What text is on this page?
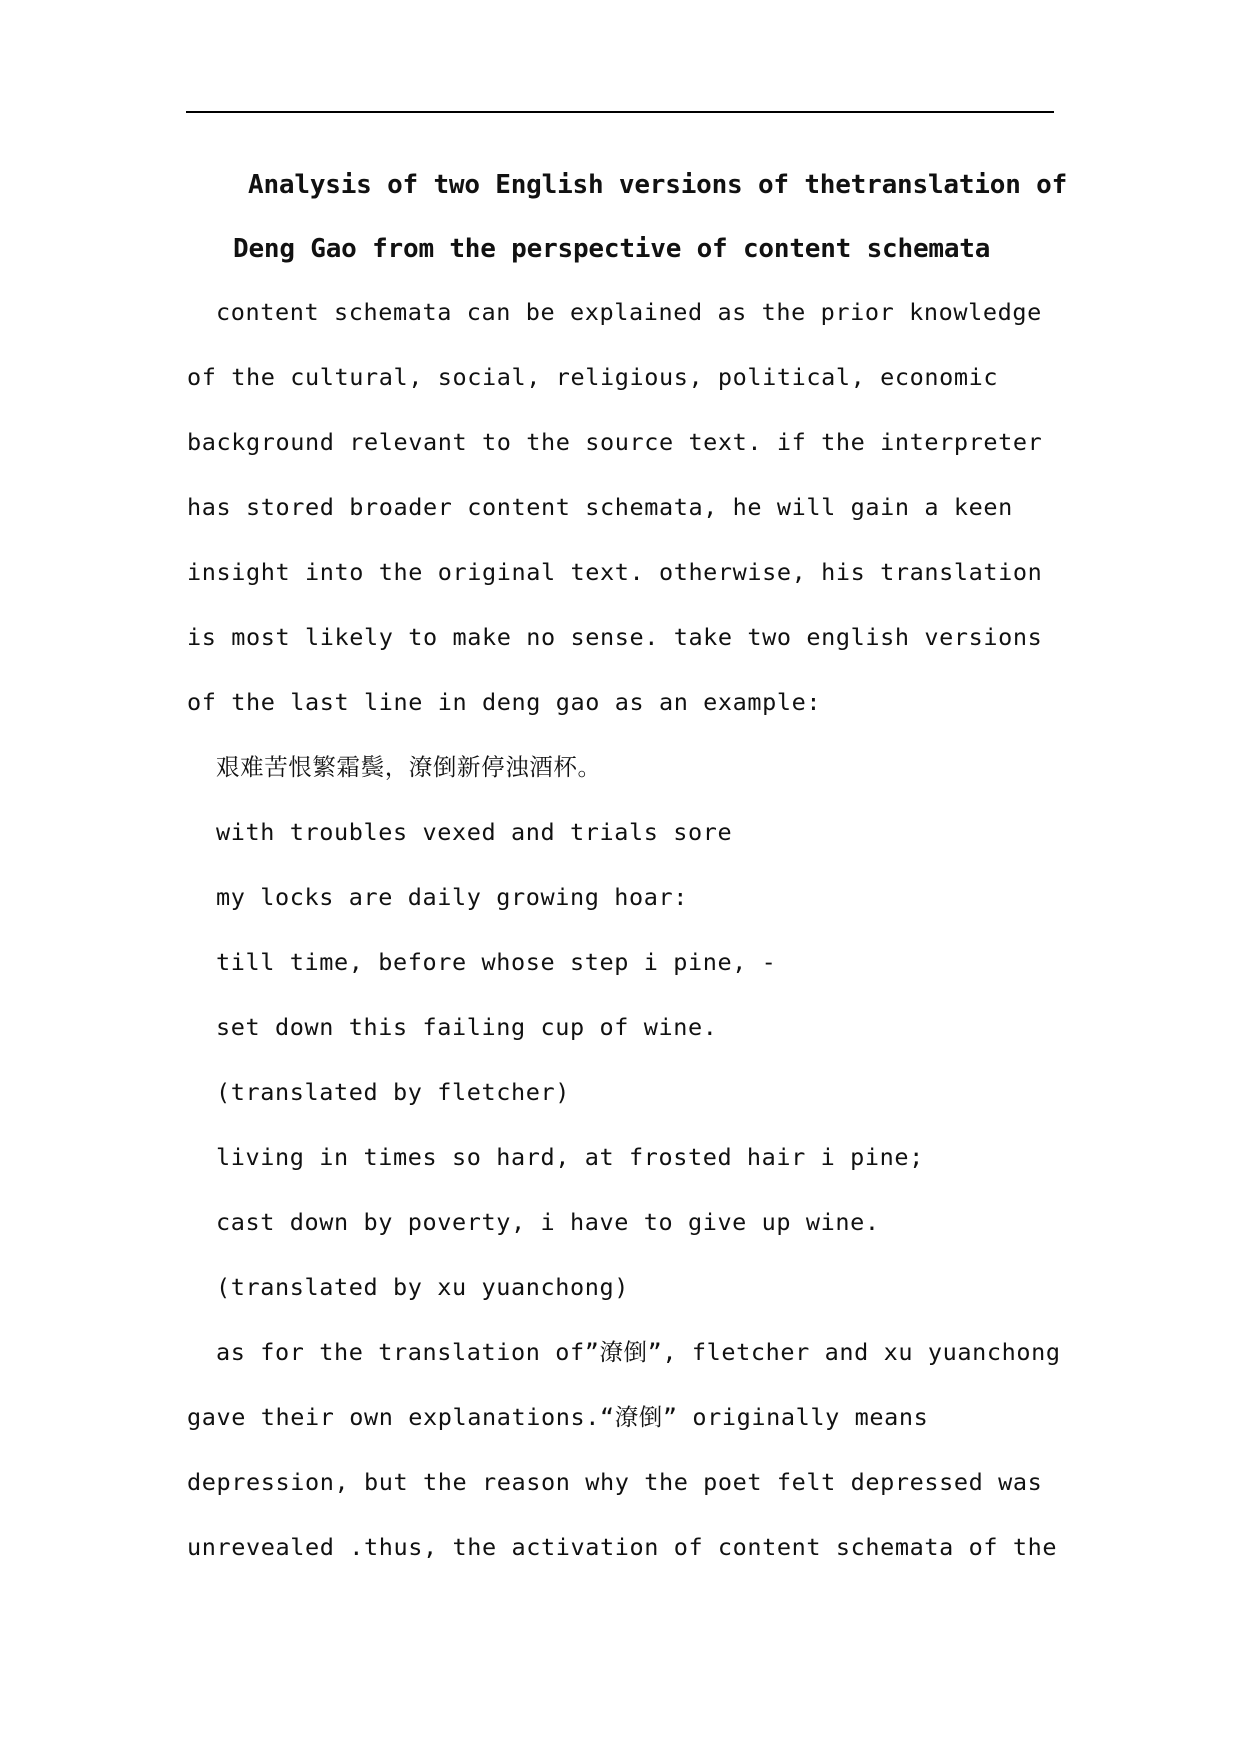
Analysis of two English versions of thetranslation of
Deng Gao from the perspective of content schemata
content schemata can be explained as the prior knowledge
of the cultural, social, religious, political, economic
background relevant to the source text. if the interpreter
has stored broader content schemata, he will gain a keen
insight into the original text. otherwise, his translation
is most likely to make no sense. take two english versions
of the last line in deng gao as an example:
艰难苦恨繁霜鬓，潦倒新停浊酒杯。
with troubles vexed and trials sore
my locks are daily growing hoar:
till time, before whose step i pine, -
set down this failing cup of wine.
(translated by fletcher)
living in times so hard, at frosted hair i pine;
cast down by poverty, i have to give up wine.
(translated by xu yuanchong)
as for the translation of”潦倒”, fletcher and xu yuanchong
gave their own explanations.“潦倒” originally means
depression, but the reason why the poet felt depressed was
unrevealed .thus, the activation of content schemata of the
